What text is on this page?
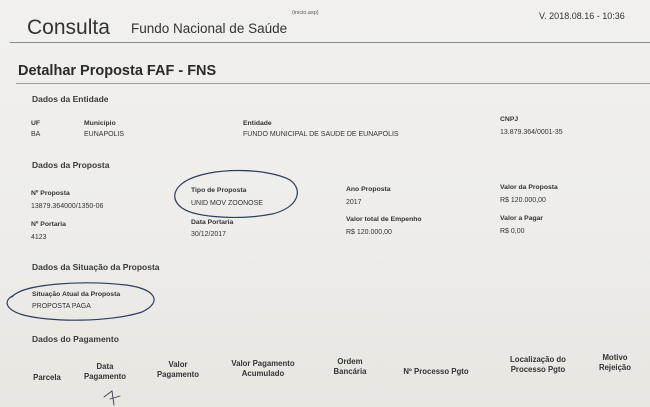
Consulta Fundo Nacional de Saúde
(inicio.asp)	V. 2018.08.16 - 10:36
Detalhar Proposta FAF - FNS
Dados da Entidade
UF
BA
Município
EUNAPOLIS
Entidade
FUNDO MUNICIPAL DE SAUDE DE EUNAPOLIS
CNPJ
13.879.364/0001-35
Dados da Proposta
Nº Proposta
13879.364000/1350-06
Tipo de Proposta
UNID MOV ZOONOSE
Ano Proposta
2017
Valor da Proposta
R$ 120.000,00
Nº Portaria
4123
Data Portaria
30/12/2017
Valor total de Empenho
R$ 120.000,00
Valor a Pagar
R$ 0,00
Dados da Situação da Proposta
Situação Atual da Proposta
PROPOSTA PAGA
Dados do Pagamento
Parcela
Data Pagamento
Valor Pagamento
Valor Pagamento Acumulado
Ordem Bancária	Nº Processo Pgto
Localização do Processo Pgto
Motivo Rejeição
